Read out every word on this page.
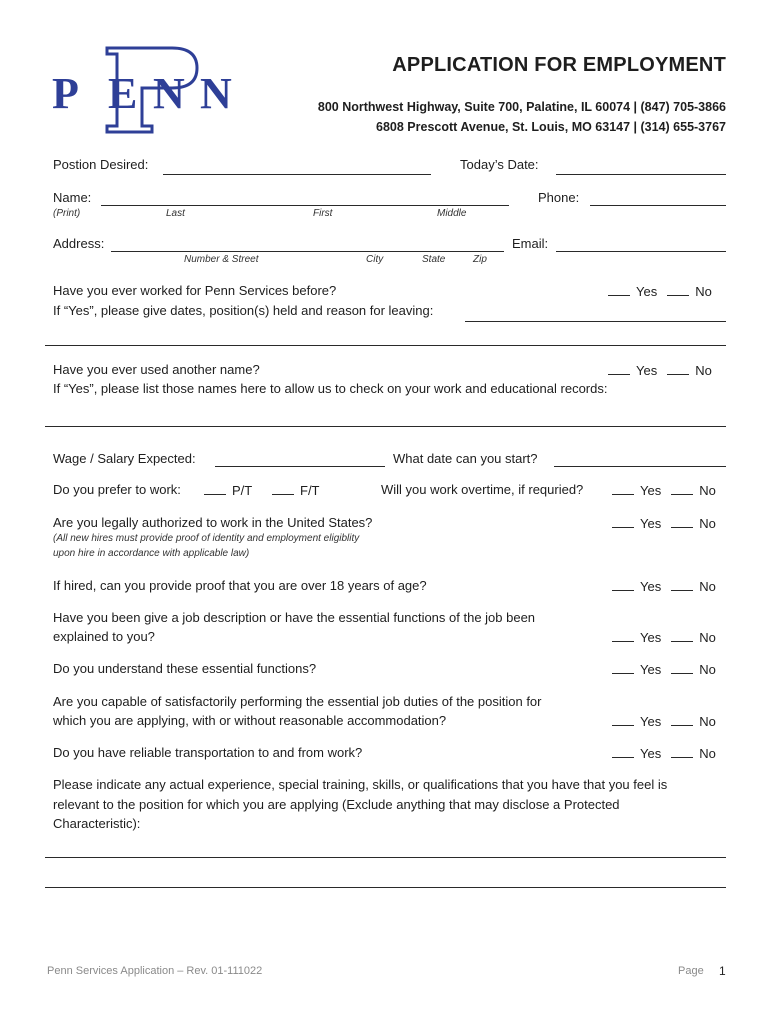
P E N N
APPLICATION FOR EMPLOYMENT
800 Northwest Highway, Suite 700, Palatine, IL 60074 | (847) 705-3866
6808 Prescott Avenue, St. Louis, MO 63147 | (314) 655-3767
Postion Desired:	Today’s Date:
Name:	Phone:
(Print)	Last	First	Middle
Address:	Email:
Number & Street	City	State	Zip
Have you ever worked for Penn Services before?	Yes	No
If “Yes”, please give dates, position(s) held and reason for leaving:
Have you ever used another name?	Yes	No
If “Yes”, please list those names here to allow us to check on your work and educational records:
Wage / Salary Expected:	What date can you start?
Do you prefer to work:	P/T	F/T	Will you work overtime, if requried?	Yes	No
Are you legally authorized to work in the United States?	Yes	No
(All new hires must provide proof of identity and employment eligiblity
upon hire in accordance with applicable law)
If hired, can you provide proof that you are over 18 years of age?	Yes	No
Have you been give a job description or have the essential functions of the job been
explained to you?	Yes	No
Do you understand these essential functions?	Yes	No
Are you capable of satisfactorily performing the essential job duties of the position for
which you are applying, with or without reasonable accommodation?	Yes	No
Do you have reliable transportation to and from work?	Yes	No
Please indicate any actual experience, special training, skills, or qualifications that you have that you feel is
relevant to the position for which you are applying (Exclude anything that may disclose a Protected
Characteristic):
Penn Services Application – Rev. 01-111022	Page 1
